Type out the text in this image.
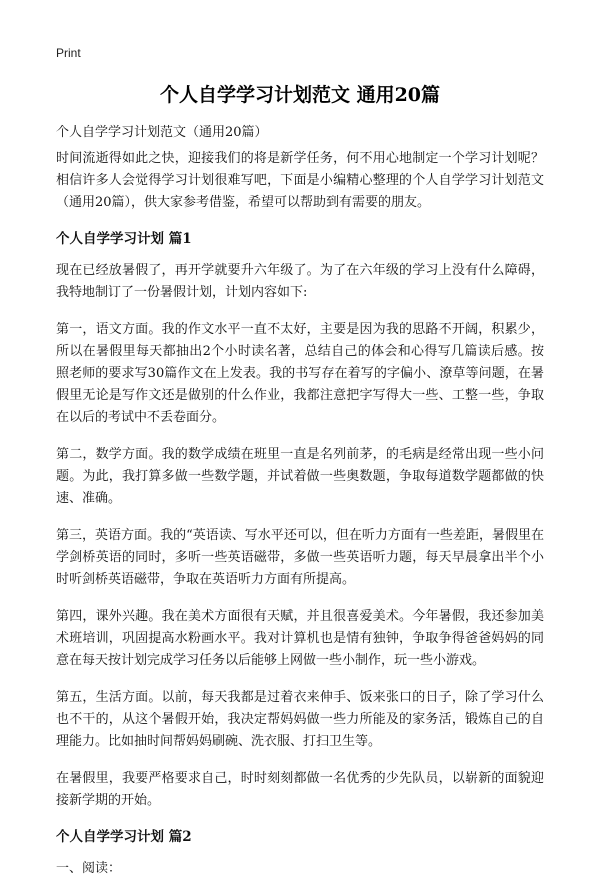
Print
个人自学学习计划范文 通用20篇
个人自学学习计划范文（通用20篇）

时间流逝得如此之快，迎接我们的将是新学任务，何不用心地制定一个学习计划呢？相信许多人会觉得学习计划很难写吧，下面是小编精心整理的个人自学学习计划范文（通用20篇），供大家参考借鉴，希望可以帮助到有需要的朋友。

个人自学学习计划 篇1

现在已经放暑假了，再开学就要升六年级了。为了在六年级的学习上没有什么障碍，我特地制订了一份暑假计划，计划内容如下:

第一，语文方面。我的作文水平一直不太好，主要是因为我的思路不开阔，积累少，所以在暑假里每天都抽出2个小时读名著，总结自己的体会和心得写几篇读后感。按照老师的要求写30篇作文在上发表。我的书写存在着写的字偏小、潦草等问题，在暑假里无论是写作文还是做别的什么作业，我都注意把字写得大一些、工整一些，争取在以后的考试中不丢卷面分。

第二，数学方面。我的数学成绩在班里一直是名列前茅，的毛病是经常出现一些小问题。为此，我打算多做一些数学题，并试着做一些奥数题，争取每道数学题都做的快速、准确。

第三，英语方面。我的“英语读、写水平还可以，但在听力方面有一些差距，暑假里在学剑桥英语的同时，多听一些英语磁带，多做一些英语听力题，每天早晨拿出半个小时听剑桥英语磁带，争取在英语听力方面有所提高。

第四，课外兴趣。我在美术方面很有天赋，并且很喜爱美术。今年暑假，我还参加美术班培训，巩固提高水粉画水平。我对计算机也是情有独钟，争取争得爸爸妈妈的同意在每天按计划完成学习任务以后能够上网做一些小制作，玩一些小游戏。

第五，生活方面。以前，每天我都是过着衣来伸手、饭来张口的日子，除了学习什么也不干的，从这个暑假开始，我决定帮妈妈做一些力所能及的家务活，锻炼自己的自理能力。比如抽时间帮妈妈刷碗、洗衣服、打扫卫生等。

在暑假里，我要严格要求自己，时时刻刻都做一名优秀的少先队员，以崭新的面貌迎接新学期的开始。

个人自学学习计划 篇2

一、阅读：
